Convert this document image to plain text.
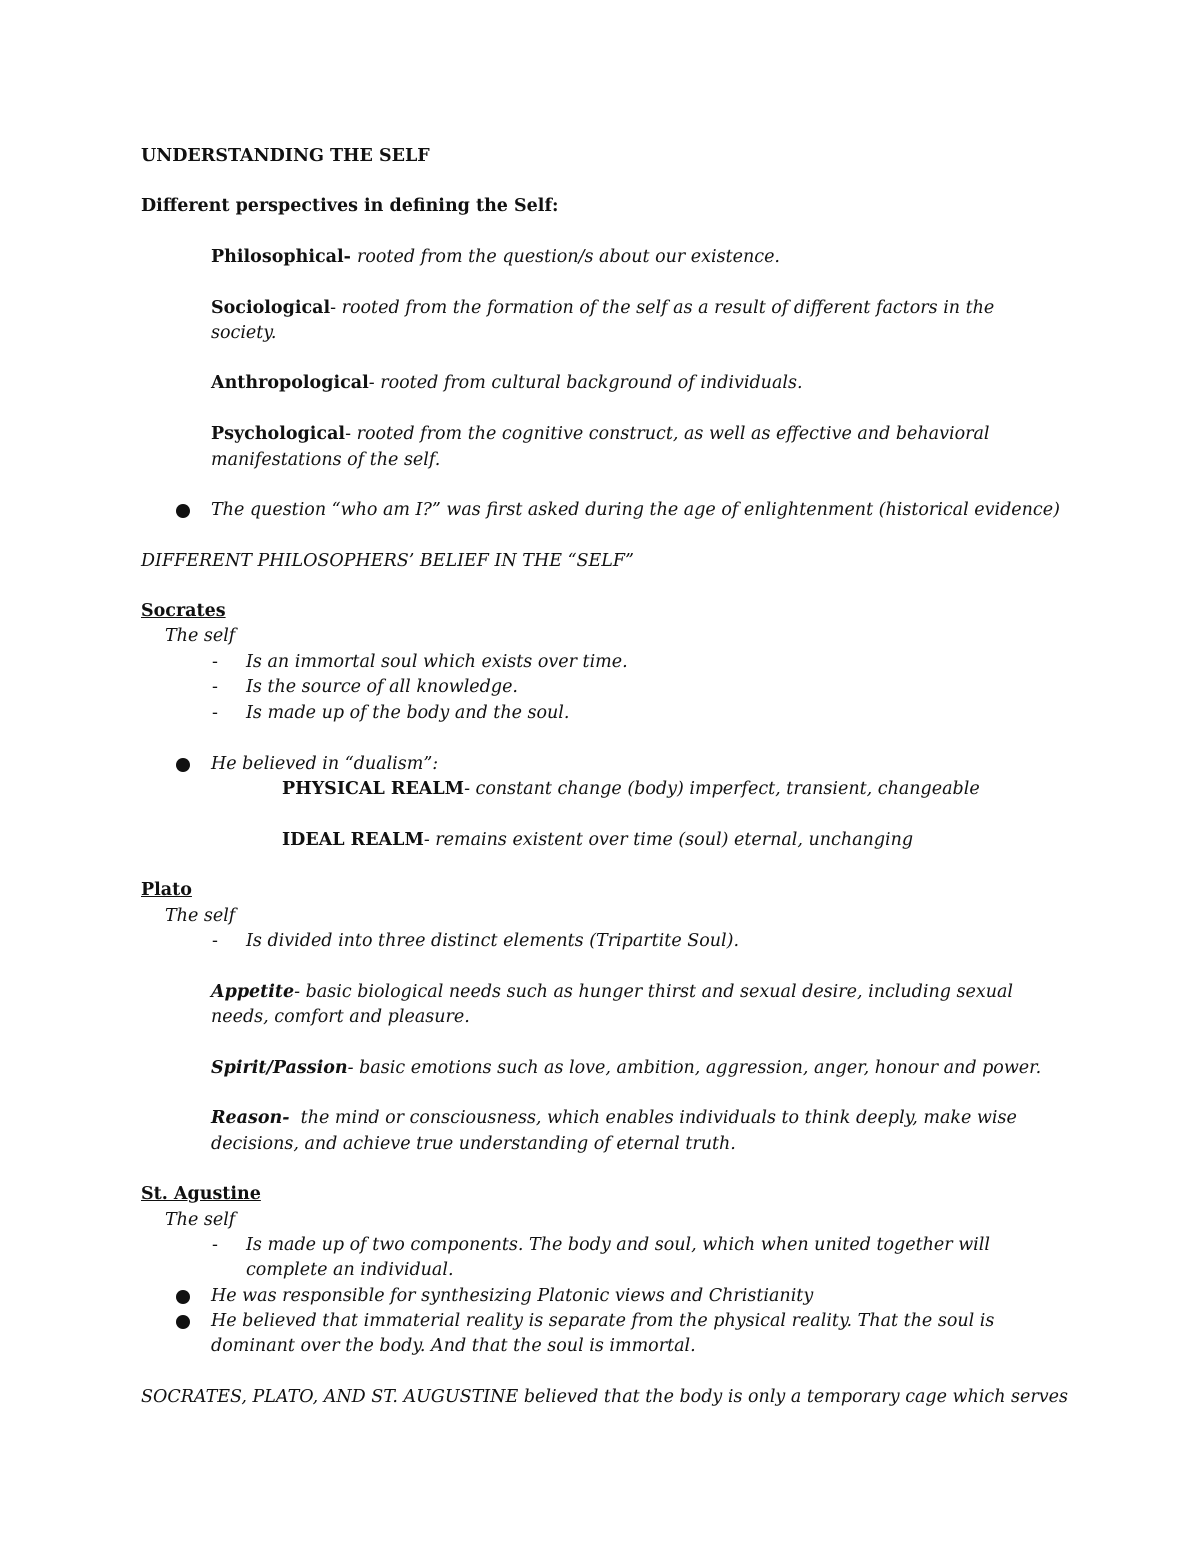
UNDERSTANDING THE SELF
Different perspectives in defining the Self:
Philosophical- rooted from the question/s about our existence.
Sociological- rooted from the formation of the self as a result of different factors in the
society.
Anthropological- rooted from cultural background of individuals.
Psychological- rooted from the cognitive construct, as well as effective and behavioral
manifestations of the self.
The question “who am I?” was first asked during the age of enlightenment (historical evidence)
DIFFERENT PHILOSOPHERS’ BELIEF IN THE “SELF”
Socrates
The self
- Is an immortal soul which exists over time.
- Is the source of all knowledge.
- Is made up of the body and the soul.
He believed in “dualism”:
PHYSICAL REALM- constant change (body) imperfect, transient, changeable
IDEAL REALM- remains existent over time (soul) eternal, unchanging
Plato
The self
- Is divided into three distinct elements (Tripartite Soul).
Appetite- basic biological needs such as hunger thirst and sexual desire, including sexual
needs, comfort and pleasure.
Spirit/Passion- basic emotions such as love, ambition, aggression, anger, honour and power.
Reason-  the mind or consciousness, which enables individuals to think deeply, make wise
decisions, and achieve true understanding of eternal truth.
St. Agustine
The self
- Is made up of two components. The body and soul, which when united together will
complete an individual.
He was responsible for synthesizing Platonic views and Christianity
He believed that immaterial reality is separate from the physical reality. That the soul is
dominant over the body. And that the soul is immortal.
SOCRATES, PLATO, AND ST. AUGUSTINE believed that the body is only a temporary cage which serves
